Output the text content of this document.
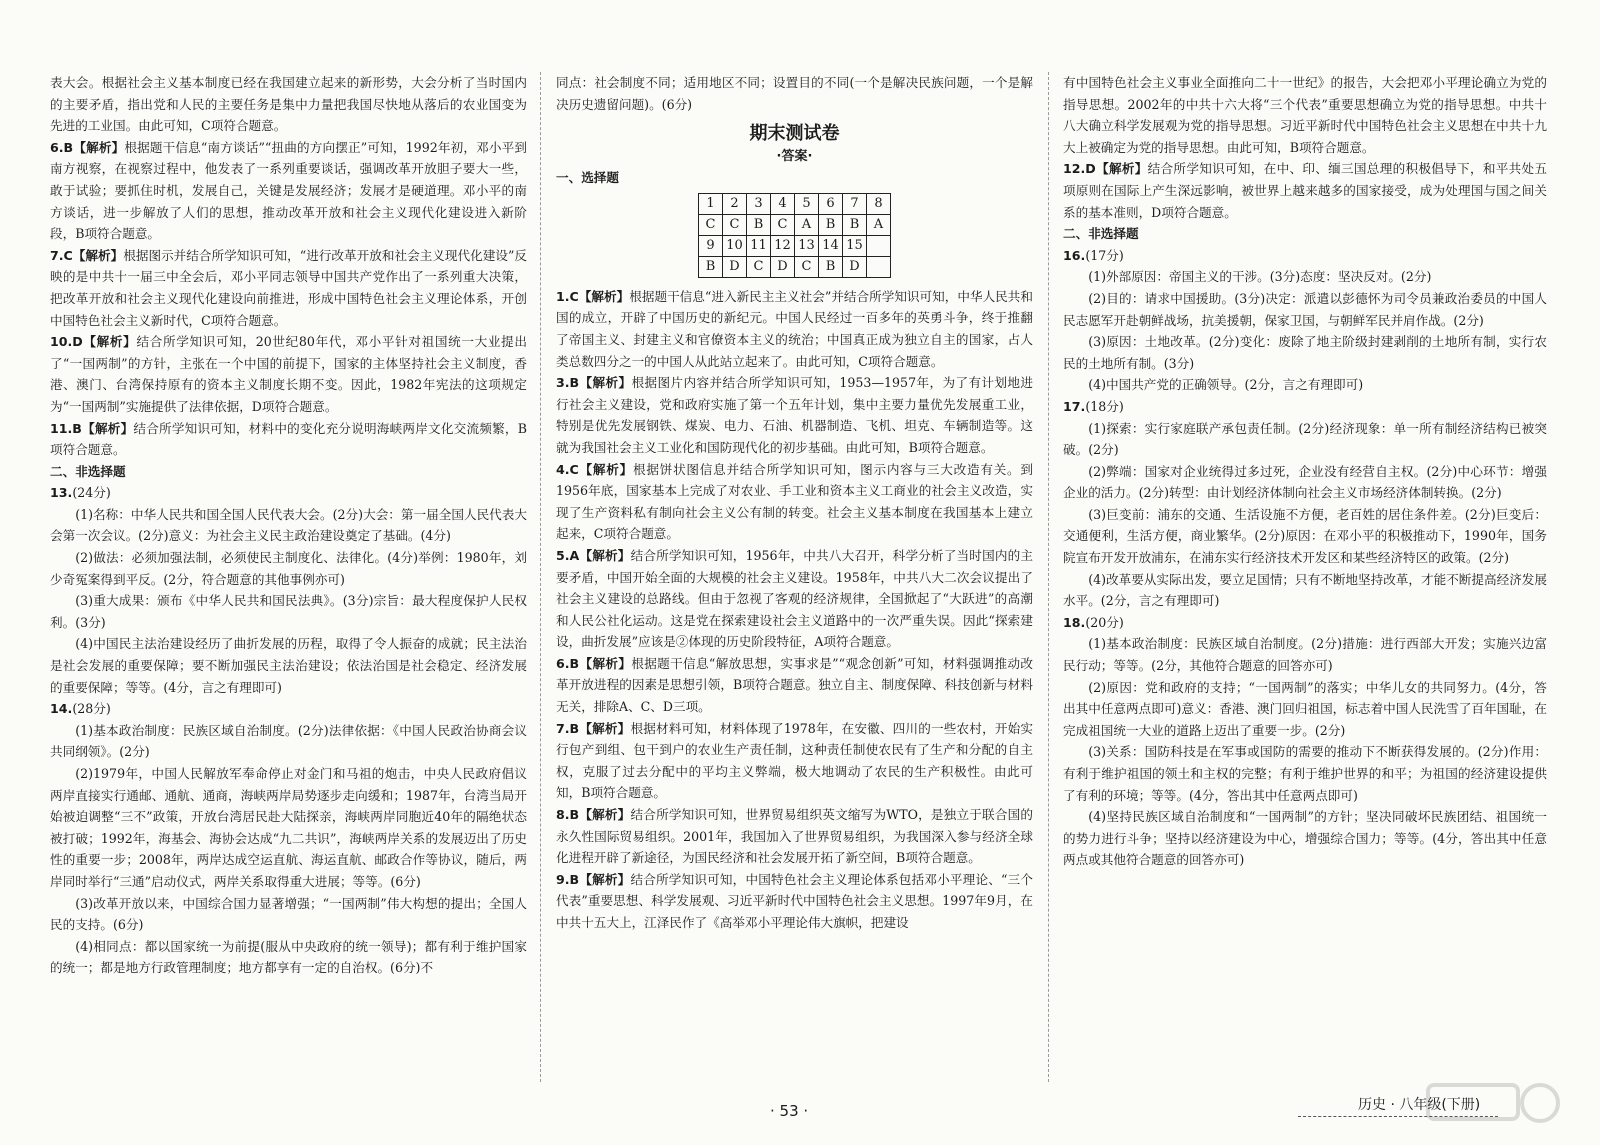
表大会。根据社会主义基本制度已经在我国建立起来的新形势，大会分析了当时国内的主要矛盾，指出党和人民的主要任务是集中力量把我国尽快地从落后的农业国变为先进的工业国。由此可知，C项符合题意。

6.B【解析】根据题干信息“南方谈话”“扭曲的方向摆正”可知，1992年初，邓小平到南方视察，在视察过程中，他发表了一系列重要谈话，强调改革开放胆子要大一些，敢于试验；要抓住时机，发展自己，关键是发展经济；发展才是硬道理。邓小平的南方谈话，进一步解放了人们的思想，推动改革开放和社会主义现代化建设进入新阶段，B项符合题意。

7.C【解析】根据图示并结合所学知识可知，“进行改革开放和社会主义现代化建设”反映的是中共十一届三中全会后，邓小平同志领导中国共产党作出了一系列重大决策，把改革开放和社会主义现代化建设向前推进，形成中国特色社会主义理论体系，开创中国特色社会主义新时代，C项符合题意。

10.D【解析】结合所学知识可知，20世纪80年代，邓小平针对祖国统一大业提出了“一国两制”的方针，主张在一个中国的前提下，国家的主体坚持社会主义制度，香港、澳门、台湾保持原有的资本主义制度长期不变。因此，1982年宪法的这项规定为“一国两制”实施提供了法律依据，D项符合题意。

11.B【解析】结合所学知识可知，材料中的变化充分说明海峡两岸文化交流频繁，B项符合题意。

二、非选择题

13.(24分)

(1)名称：中华人民共和国全国人民代表大会。(2分)大会：第一届全国人民代表大会第一次会议。(2分)意义：为社会主义民主政治建设奠定了基础。(4分)

(2)做法：必须加强法制，必须使民主制度化、法律化。(4分)举例：1980年，刘少奇冤案得到平反。(2分，符合题意的其他事例亦可)

(3)重大成果：颁布《中华人民共和国民法典》。(3分)宗旨：最大程度保护人民权利。(3分)

(4)中国民主法治建设经历了曲折发展的历程，取得了令人振奋的成就；民主法治是社会发展的重要保障；要不断加强民主法治建设；依法治国是社会稳定、经济发展的重要保障；等等。(4分，言之有理即可)

14.(28分)

(1)基本政治制度：民族区域自治制度。(2分)法律依据：《中国人民政治协商会议共同纲领》。(2分)

(2)1979年，中国人民解放军奉命停止对金门和马祖的炮击，中央人民政府倡议两岸直接实行通邮、通航、通商，海峡两岸局势逐步走向缓和；1987年，台湾当局开始被迫调整“三不”政策，开放台湾居民赴大陆探亲，海峡两岸同胞近40年的隔绝状态被打破；1992年，海基会、海协会达成“九二共识”，海峡两岸关系的发展迈出了历史性的重要一步；2008年，两岸达成空运直航、海运直航、邮政合作等协议，随后，两岸同时举行“三通”启动仪式，两岸关系取得重大进展；等等。(6分)

(3)改革开放以来，中国综合国力显著增强；“一国两制”伟大构想的提出；全国人民的支持。(6分)

(4)相同点：都以国家统一为前提(服从中央政府的统一领导)；都有利于维护国家的统一；都是地方行政管理制度；地方都享有一定的自治权。(6分)不

同点：社会制度不同；适用地区不同；设置目的不同(一个是解决民族问题，一个是解决历史遗留问题)。(6分)

期末测试卷
·答案·

一、选择题

1	2	3	4	5	6	7	8
C	C	B	C	A	B	B	A
9	10	11	12	13	14	15	
B	D	C	D	C	B	D	

1.C【解析】根据题干信息“进入新民主主义社会”并结合所学知识可知，中华人民共和国的成立，开辟了中国历史的新纪元。中国人民经过一百多年的英勇斗争，终于推翻了帝国主义、封建主义和官僚资本主义的统治；中国真正成为独立自主的国家，占人类总数四分之一的中国人从此站立起来了。由此可知，C项符合题意。

3.B【解析】根据图片内容并结合所学知识可知，1953—1957年，为了有计划地进行社会主义建设，党和政府实施了第一个五年计划，集中主要力量优先发展重工业，特别是优先发展钢铁、煤炭、电力、石油、机器制造、飞机、坦克、车辆制造等。这就为我国社会主义工业化和国防现代化的初步基础。由此可知，B项符合题意。

4.C【解析】根据饼状图信息并结合所学知识可知，图示内容与三大改造有关。到1956年底，国家基本上完成了对农业、手工业和资本主义工商业的社会主义改造，实现了生产资料私有制向社会主义公有制的转变。社会主义基本制度在我国基本上建立起来，C项符合题意。

5.A【解析】结合所学知识可知，1956年，中共八大召开，科学分析了当时国内的主要矛盾，中国开始全面的大规模的社会主义建设。1958年，中共八大二次会议提出了社会主义建设的总路线。但由于忽视了客观的经济规律，全国掀起了“大跃进”的高潮和人民公社化运动。这是党在探索建设社会主义道路中的一次严重失误。因此“探索建设，曲折发展”应该是②体现的历史阶段特征，A项符合题意。

6.B【解析】根据题干信息“解放思想，实事求是”“观念创新”可知，材料强调推动改革开放进程的因素是思想引领，B项符合题意。独立自主、制度保障、科技创新与材料无关，排除A、C、D三项。

7.B【解析】根据材料可知，材料体现了1978年，在安徽、四川的一些农村，开始实行包产到组、包干到户的农业生产责任制，这种责任制使农民有了生产和分配的自主权，克服了过去分配中的平均主义弊端，极大地调动了农民的生产积极性。由此可知，B项符合题意。

8.B【解析】结合所学知识可知，世界贸易组织英文缩写为WTO，是独立于联合国的永久性国际贸易组织。2001年，我国加入了世界贸易组织，为我国深入参与经济全球化进程开辟了新途径，为国民经济和社会发展开拓了新空间，B项符合题意。

9.B【解析】结合所学知识可知，中国特色社会主义理论体系包括邓小平理论、“三个代表”重要思想、科学发展观、习近平新时代中国特色社会主义思想。1997年9月，在中共十五大上，江泽民作了《高举邓小平理论伟大旗帜，把建设

有中国特色社会主义事业全面推向二十一世纪》的报告，大会把邓小平理论确立为党的指导思想。2002年的中共十六大将“三个代表”重要思想确立为党的指导思想。中共十八大确立科学发展观为党的指导思想。习近平新时代中国特色社会主义思想在中共十九大上被确定为党的指导思想。由此可知，B项符合题意。

12.D【解析】结合所学知识可知，在中、印、缅三国总理的积极倡导下，和平共处五项原则在国际上产生深远影响，被世界上越来越多的国家接受，成为处理国与国之间关系的基本准则，D项符合题意。

二、非选择题

16.(17分)

(1)外部原因：帝国主义的干涉。(3分)态度：坚决反对。(2分)

(2)目的：请求中国援助。(3分)决定：派遣以彭德怀为司令员兼政治委员的中国人民志愿军开赴朝鲜战场，抗美援朝，保家卫国，与朝鲜军民并肩作战。(2分)

(3)原因：土地改革。(2分)变化：废除了地主阶级封建剥削的土地所有制，实行农民的土地所有制。(3分)

(4)中国共产党的正确领导。(2分，言之有理即可)

17.(18分)

(1)探索：实行家庭联产承包责任制。(2分)经济现象：单一所有制经济结构已被突破。(2分)

(2)弊端：国家对企业统得过多过死，企业没有经营自主权。(2分)中心环节：增强企业的活力。(2分)转型：由计划经济体制向社会主义市场经济体制转换。(2分)

(3)巨变前：浦东的交通、生活设施不方便，老百姓的居住条件差。(2分)巨变后：交通便利，生活方便，商业繁华。(2分)原因：在邓小平的积极推动下，1990年，国务院宣布开发开放浦东，在浦东实行经济技术开发区和某些经济特区的政策。(2分)

(4)改革要从实际出发，要立足国情；只有不断地坚持改革，才能不断提高经济发展水平。(2分，言之有理即可)

18.(20分)

(1)基本政治制度：民族区域自治制度。(2分)措施：进行西部大开发；实施兴边富民行动；等等。(2分，其他符合题意的回答亦可)

(2)原因：党和政府的支持；“一国两制”的落实；中华儿女的共同努力。(4分，答出其中任意两点即可)意义：香港、澳门回归祖国，标志着中国人民洗雪了百年国耻，在完成祖国统一大业的道路上迈出了重要一步。(2分)

(3)关系：国防科技是在军事或国防的需要的推动下不断获得发展的。(2分)作用：有利于维护祖国的领土和主权的完整；有利于维护世界的和平；为祖国的经济建设提供了有利的环境；等等。(4分，答出其中任意两点即可)

(4)坚持民族区域自治制度和“一国两制”的方针；坚决同破坏民族团结、祖国统一的势力进行斗争；坚持以经济建设为中心，增强综合国力；等等。(4分，答出其中任意两点或其他符合题意的回答亦可)

· 53 ·	历史 · 八年级(下册)
